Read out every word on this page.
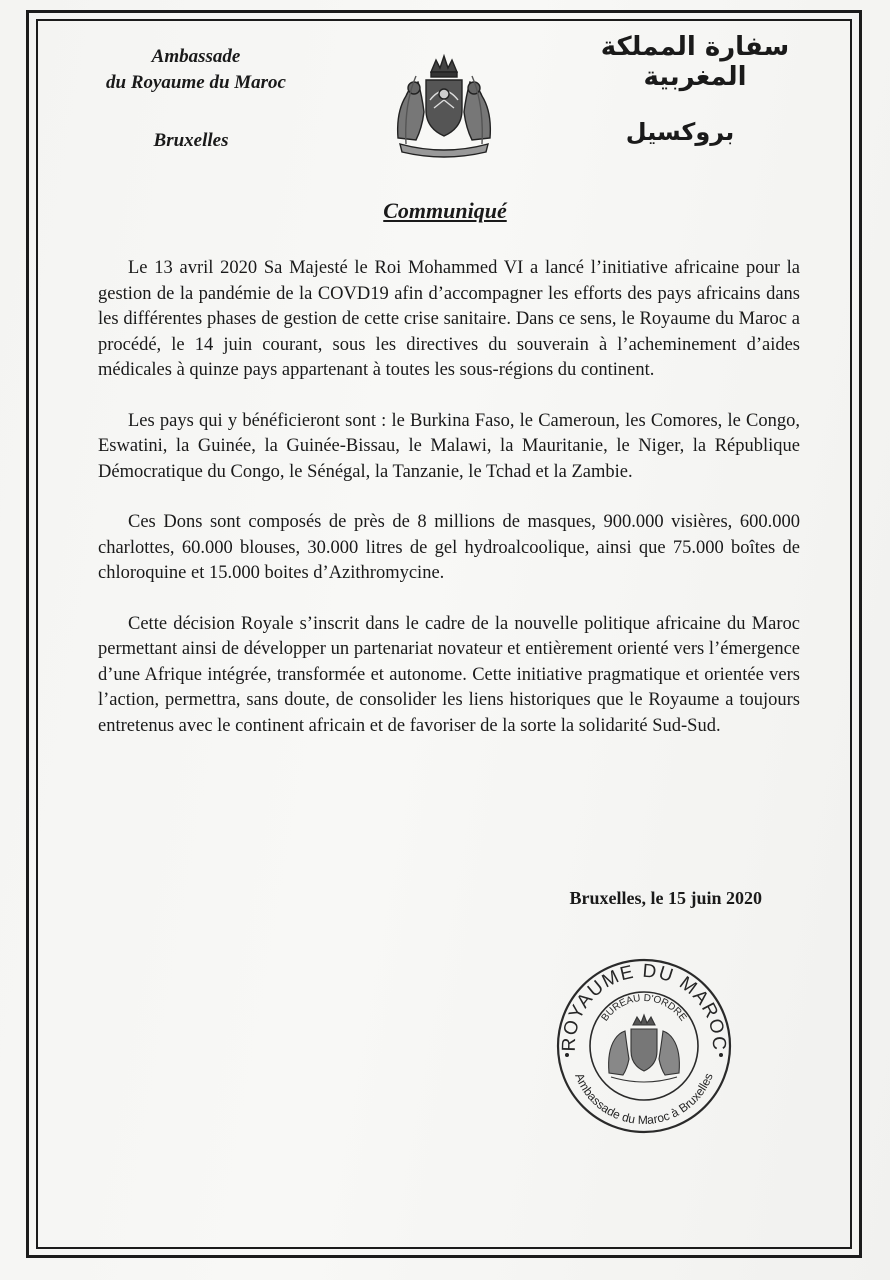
Ambassade
du Royaume du Maroc
Bruxelles
سفارة المملكة المغربية
بروكسيل
Communiqué

Le 13 avril 2020 Sa Majesté le Roi Mohammed VI a lancé l’initiative africaine pour la gestion de la pandémie de la COVD19 afin d’accompagner les efforts des pays africains dans les différentes phases de gestion de cette crise sanitaire. Dans ce sens, le Royaume du Maroc a procédé, le 14 juin courant, sous les directives du souverain à l’acheminement d’aides médicales à quinze pays appartenant à toutes les sous-régions du continent.

Les pays qui y bénéficieront sont : le Burkina Faso, le Cameroun, les Comores, le Congo, Eswatini, la Guinée, la Guinée-Bissau, le Malawi, la Mauritanie, le Niger, la République Démocratique du Congo, le Sénégal, la Tanzanie, le Tchad et la Zambie.

Ces Dons sont composés de près de 8 millions de masques, 900.000 visières, 600.000 charlottes, 60.000 blouses, 30.000 litres de gel hydroalcoolique, ainsi que 75.000 boîtes de chloroquine et 15.000 boites d’Azithromycine.

Cette décision Royale s’inscrit dans le cadre de la nouvelle politique africaine du Maroc permettant ainsi de développer un partenariat novateur et entièrement orienté vers l’émergence d’une Afrique intégrée, transformée et autonome. Cette initiative pragmatique et orientée vers l’action, permettra, sans doute, de consolider les liens historiques que le Royaume a toujours entretenus avec le continent africain et de favoriser de la sorte la solidarité Sud-Sud.

Bruxelles, le 15 juin 2020
ROYAUME DU MAROC
BUREAU D'ORDRE
Ambassade du Maroc à Bruxelles
